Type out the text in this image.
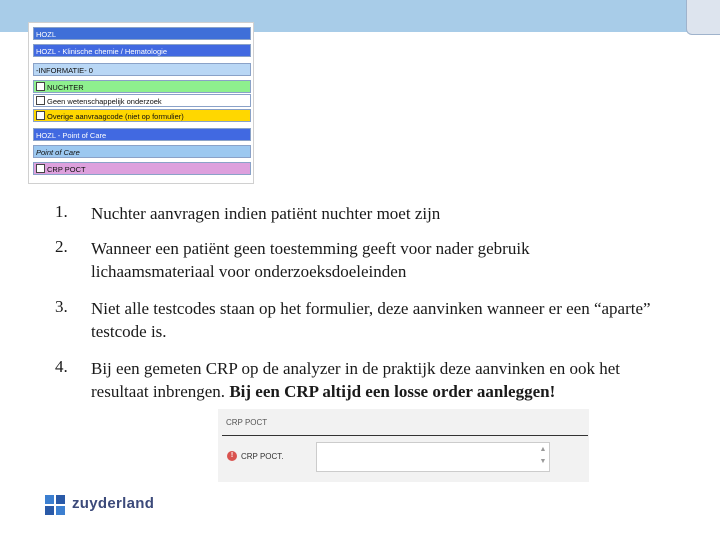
HOZL
HOZL - Klinische chemie / Hematologie
-INFORMATIE- 0
NUCHTER
Geen wetenschappelijk onderzoek
Overige aanvraagcode (niet op formulier)
HOZL - Point of Care
Point of Care
CRP POCT
1.	Nuchter aanvragen indien patiënt nuchter moet zijn
2.	Wanneer een patiënt geen toestemming geeft voor nader gebruik lichaamsmateriaal voor onderzoeksdoeleinden
3.	Niet alle testcodes staan op het formulier, deze aanvinken wanneer er een “aparte” testcode is.
4.	Bij een gemeten CRP op de analyzer in de praktijk deze aanvinken en ook het resultaat inbrengen. Bij een CRP altijd een losse order aanleggen!
CRP POCT
! CRP POCT.
▲
▼
zuyderland
